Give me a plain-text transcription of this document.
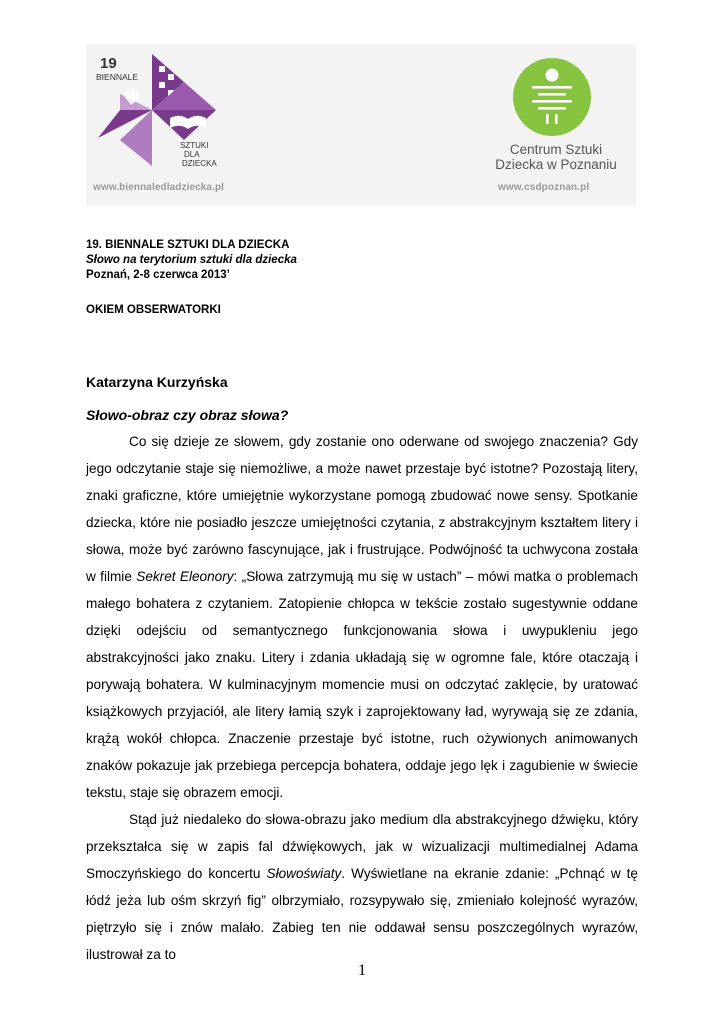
19
BIENNALE
SZTUKI
DLA
DZIECKA
www.biennaledladziecka.pl
Centrum Sztuki
Dziecka w Poznaniu
www.csdpoznan.pl
19. BIENNALE SZTUKI DLA DZIECKA
Słowo na terytorium sztuki dla dziecka
Poznań, 2-8 czerwca 2013’
OKIEM OBSERWATORKI
Katarzyna Kurzyńska
Słowo-obraz czy obraz słowa?

Co się dzieje ze słowem, gdy zostanie ono oderwane od swojego znaczenia? Gdy jego odczytanie staje się niemożliwe, a może nawet przestaje być istotne? Pozostają litery, znaki graficzne, które umiejętnie wykorzystane pomogą zbudować nowe sensy. Spotkanie dziecka, które nie posiadło jeszcze umiejętności czytania, z abstrakcyjnym kształtem litery i słowa, może być zarówno fascynujące, jak i frustrujące. Podwójność ta uchwycona została w filmie Sekret Eleonory: „Słowa zatrzymują mu się w ustach” – mówi matka o problemach małego bohatera z czytaniem. Zatopienie chłopca w tekście zostało sugestywnie oddane dzięki odejściu od semantycznego funkcjonowania słowa i uwypukleniu jego abstrakcyjności jako znaku. Litery i zdania układają się w ogromne fale, które otaczają i porywają bohatera. W kulminacyjnym momencie musi on odczytać zaklęcie, by uratować książkowych przyjaciół, ale litery łamią szyk i zaprojektowany ład, wyrywają się ze zdania, krążą wokół chłopca. Znaczenie przestaje być istotne, ruch ożywionych animowanych znaków pokazuje jak przebiega percepcja bohatera, oddaje jego lęk i zagubienie w świecie tekstu, staje się obrazem emocji.

Stąd już niedaleko do słowa-obrazu jako medium dla abstrakcyjnego dźwięku, który przekształca się w zapis fal dźwiękowych, jak w wizualizacji multimedialnej Adama Smoczyńskiego do koncertu Słowoświaty. Wyświetlane na ekranie zdanie: „Pchnąć w tę łódź jeża lub ośm skrzyń fig” olbrzymiało, rozsypywało się, zmieniało kolejność wyrazów, piętrzyło się i znów malało. Zabieg ten nie oddawał sensu poszczególnych wyrazów, ilustrował za to

1
